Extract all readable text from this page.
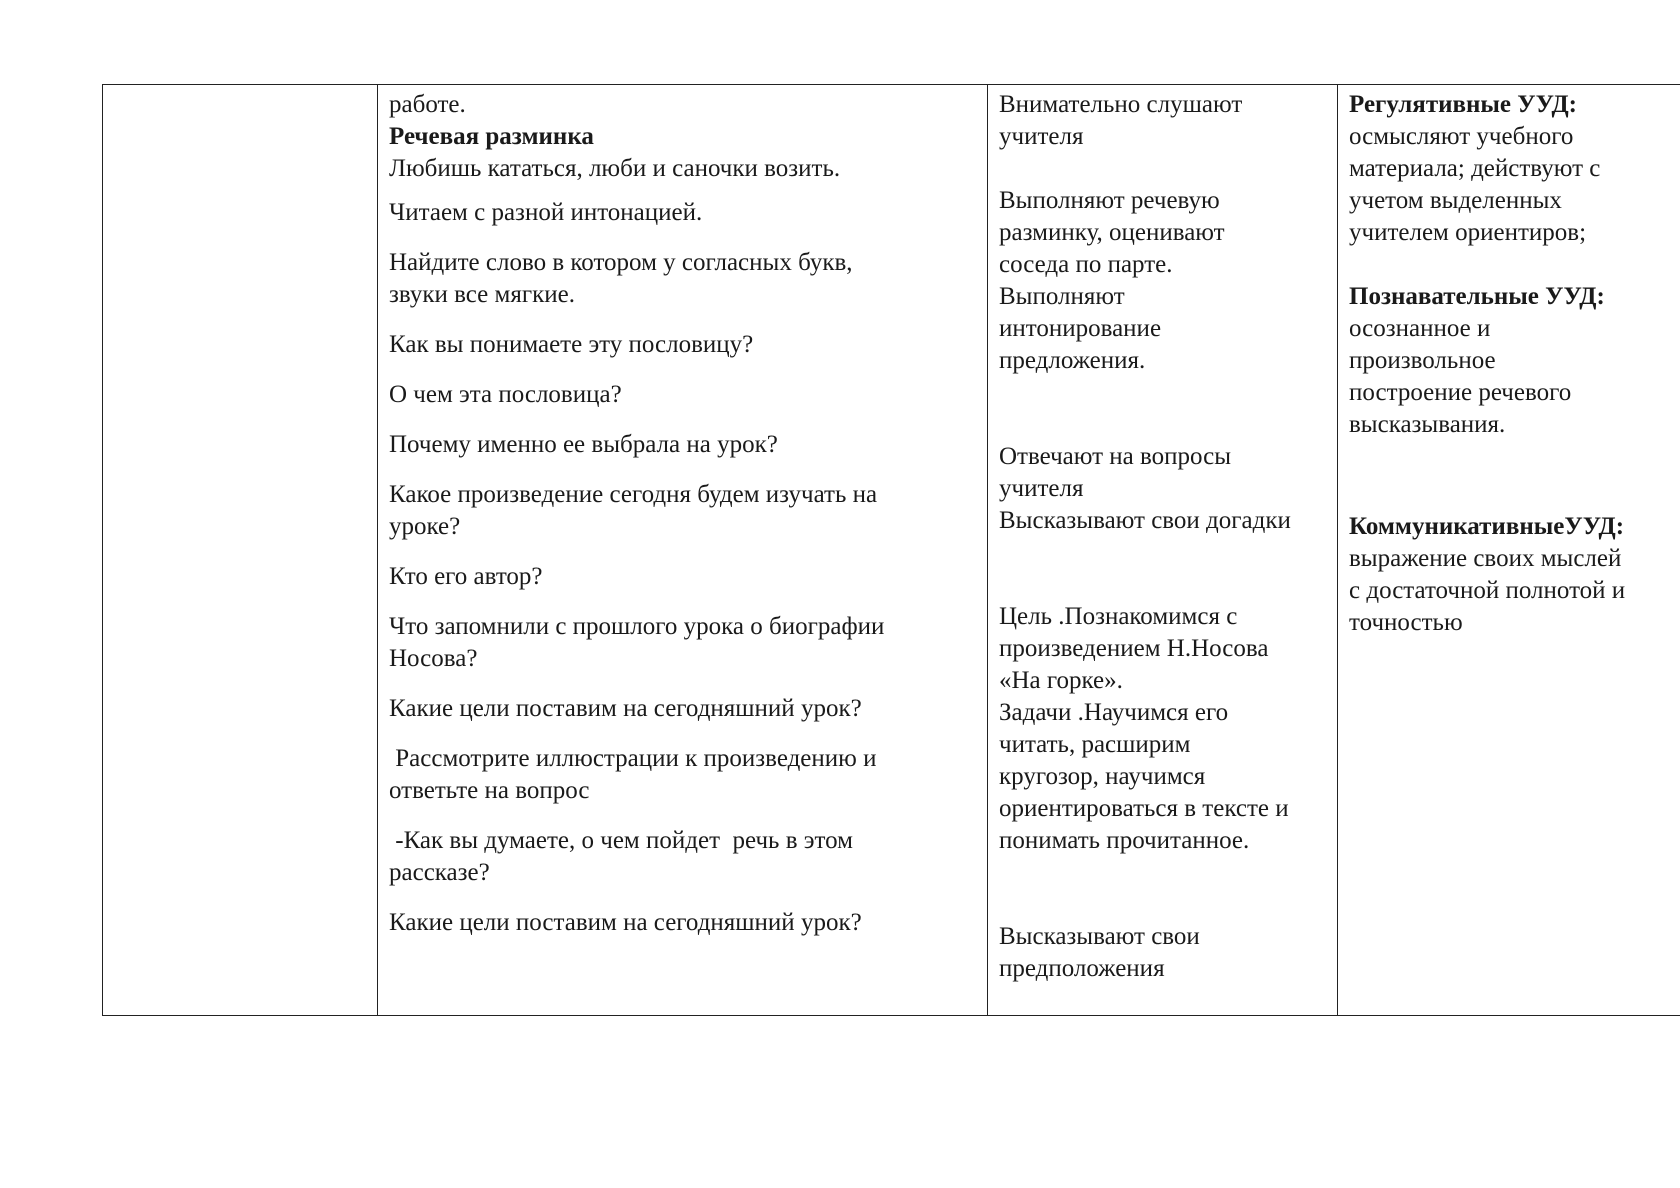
работе.
Речевая разминка
Любишь кататься, люби и саночки возить.
Читаем с разной интонацией.
Найдите слово в котором у согласных букв,
звуки все мягкие.
Как вы понимаете эту пословицу?
О чем эта пословица?
Почему именно ее выбрала на урок?
Какое произведение сегодня будем изучать на
уроке?
Кто его автор?
Что запомнили с прошлого урока о биографии
Носова?
Какие цели поставим на сегодняшний урок?
Рассмотрите иллюстрации к произведению и
ответьте на вопрос
-Как вы думаете, о чем пойдет  речь в этом
рассказе?
Какие цели поставим на сегодняшний урок?
Внимательно слушают
учителя
Выполняют речевую
разминку, оценивают
соседа по парте.
Выполняют
интонирование
предложения.
Отвечают на вопросы
учителя
Высказывают свои догадки
Цель .Познакомимся с
произведением Н.Носова
«На горке».
Задачи .Научимся его
читать, расширим
кругозор, научимся
ориентироваться в тексте и
понимать прочитанное.
Высказывают свои
предположения
Регулятивные УУД:
осмысляют учебного
материала; действуют с
учетом выделенных
учителем ориентиров;
Познавательные УУД:
осознанное и
произвольное
построение речевого
высказывания.
КоммуникативныеУУД:
выражение своих мыслей
с достаточной полнотой и
точностью
